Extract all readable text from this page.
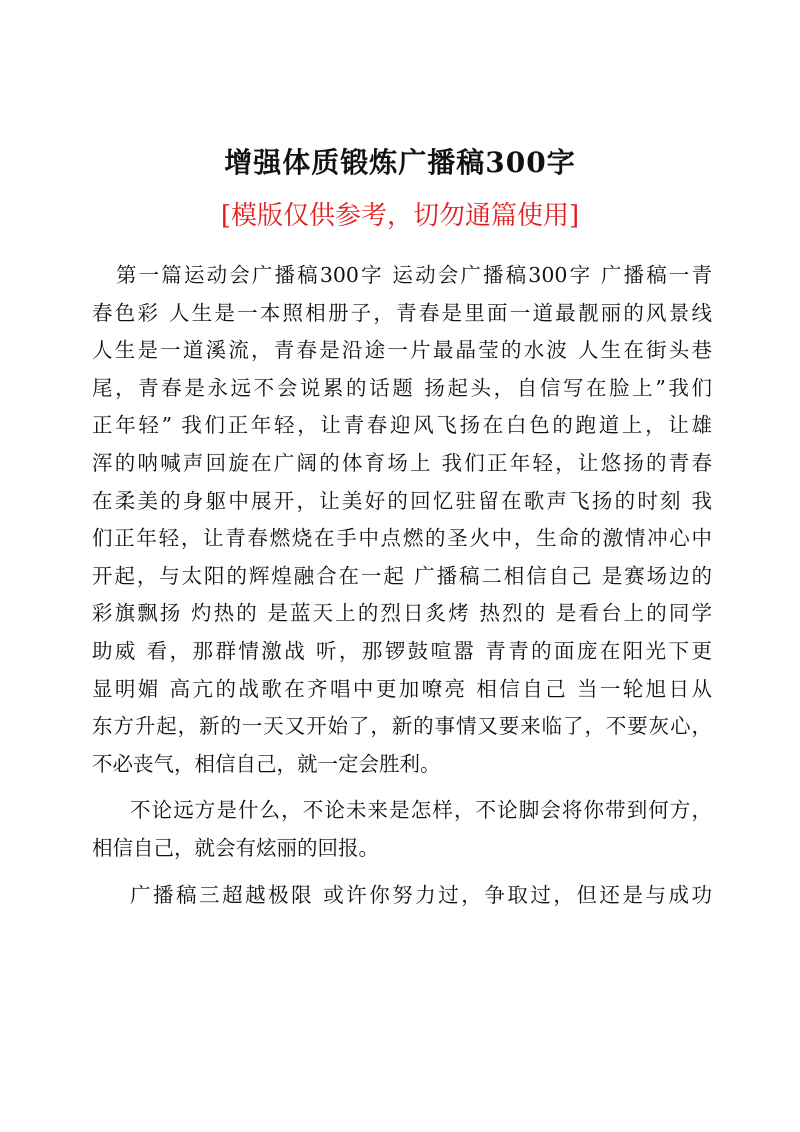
增强体质锻炼广播稿300字
[模版仅供参考，切勿通篇使用]
第一篇运动会广播稿300字 运动会广播稿300字 广播稿一青
春色彩 人生是一本照相册子，青春是里面一道最靓丽的风景线
人生是一道溪流，青春是沿途一片最晶莹的水波 人生在街头巷
尾，青春是永远不会说累的话题 扬起头，自信写在脸上”我们
正年轻” 我们正年轻，让青春迎风飞扬在白色的跑道上，让雄
浑的呐喊声回旋在广阔的体育场上 我们正年轻，让悠扬的青春
在柔美的身躯中展开，让美好的回忆驻留在歌声飞扬的时刻 我
们正年轻，让青春燃烧在手中点燃的圣火中，生命的激情冲心中
开起，与太阳的辉煌融合在一起 广播稿二相信自己 是赛场边的
彩旗飘扬 灼热的 是蓝天上的烈日炙烤 热烈的 是看台上的同学
助威 看，那群情激战 听，那锣鼓喧嚣 青青的面庞在阳光下更
显明媚 高亢的战歌在齐唱中更加嘹亮 相信自己 当一轮旭日从
东方升起，新的一天又开始了，新的事情又要来临了，不要灰心，
不必丧气，相信自己，就一定会胜利。
不论远方是什么，不论未来是怎样，不论脚会将你带到何方，
相信自己，就会有炫丽的回报。
广播稿三超越极限 或许你努力过，争取过，但还是与成功
